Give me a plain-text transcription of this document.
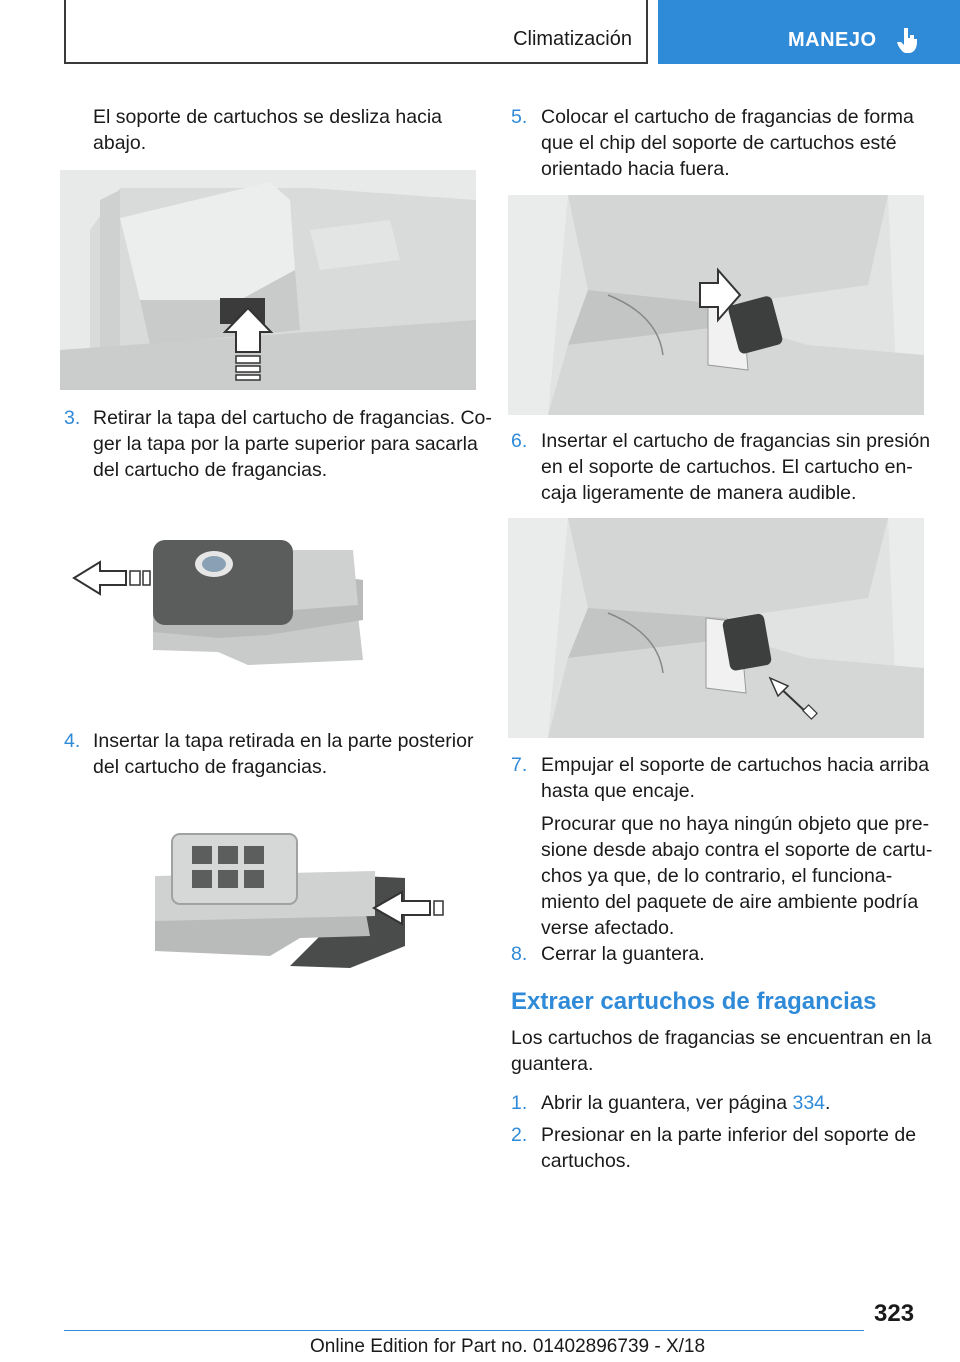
Climatización	MANEJO
El soporte de cartuchos se desliza hacia
abajo.
3. Retirar la tapa del cartucho de fragancias. Co-
ger la tapa por la parte superior para sacarla
del cartucho de fragancias.
4. Insertar la tapa retirada en la parte posterior
del cartucho de fragancias.
5. Colocar el cartucho de fragancias de forma
que el chip del soporte de cartuchos esté
orientado hacia fuera.
6. Insertar el cartucho de fragancias sin presión
en el soporte de cartuchos. El cartucho en-
caja ligeramente de manera audible.
7. Empujar el soporte de cartuchos hacia arriba
hasta que encaje.
Procurar que no haya ningún objeto que pre-
sione desde abajo contra el soporte de cartu-
chos ya que, de lo contrario, el funciona-
miento del paquete de aire ambiente podría
verse afectado.
8. Cerrar la guantera.
Extraer cartuchos de fragancias
Los cartuchos de fragancias se encuentran en la
guantera.
1. Abrir la guantera, ver página 334.
2. Presionar en la parte inferior del soporte de
cartuchos.
323
Online Edition for Part no. 01402896739 - X/18
